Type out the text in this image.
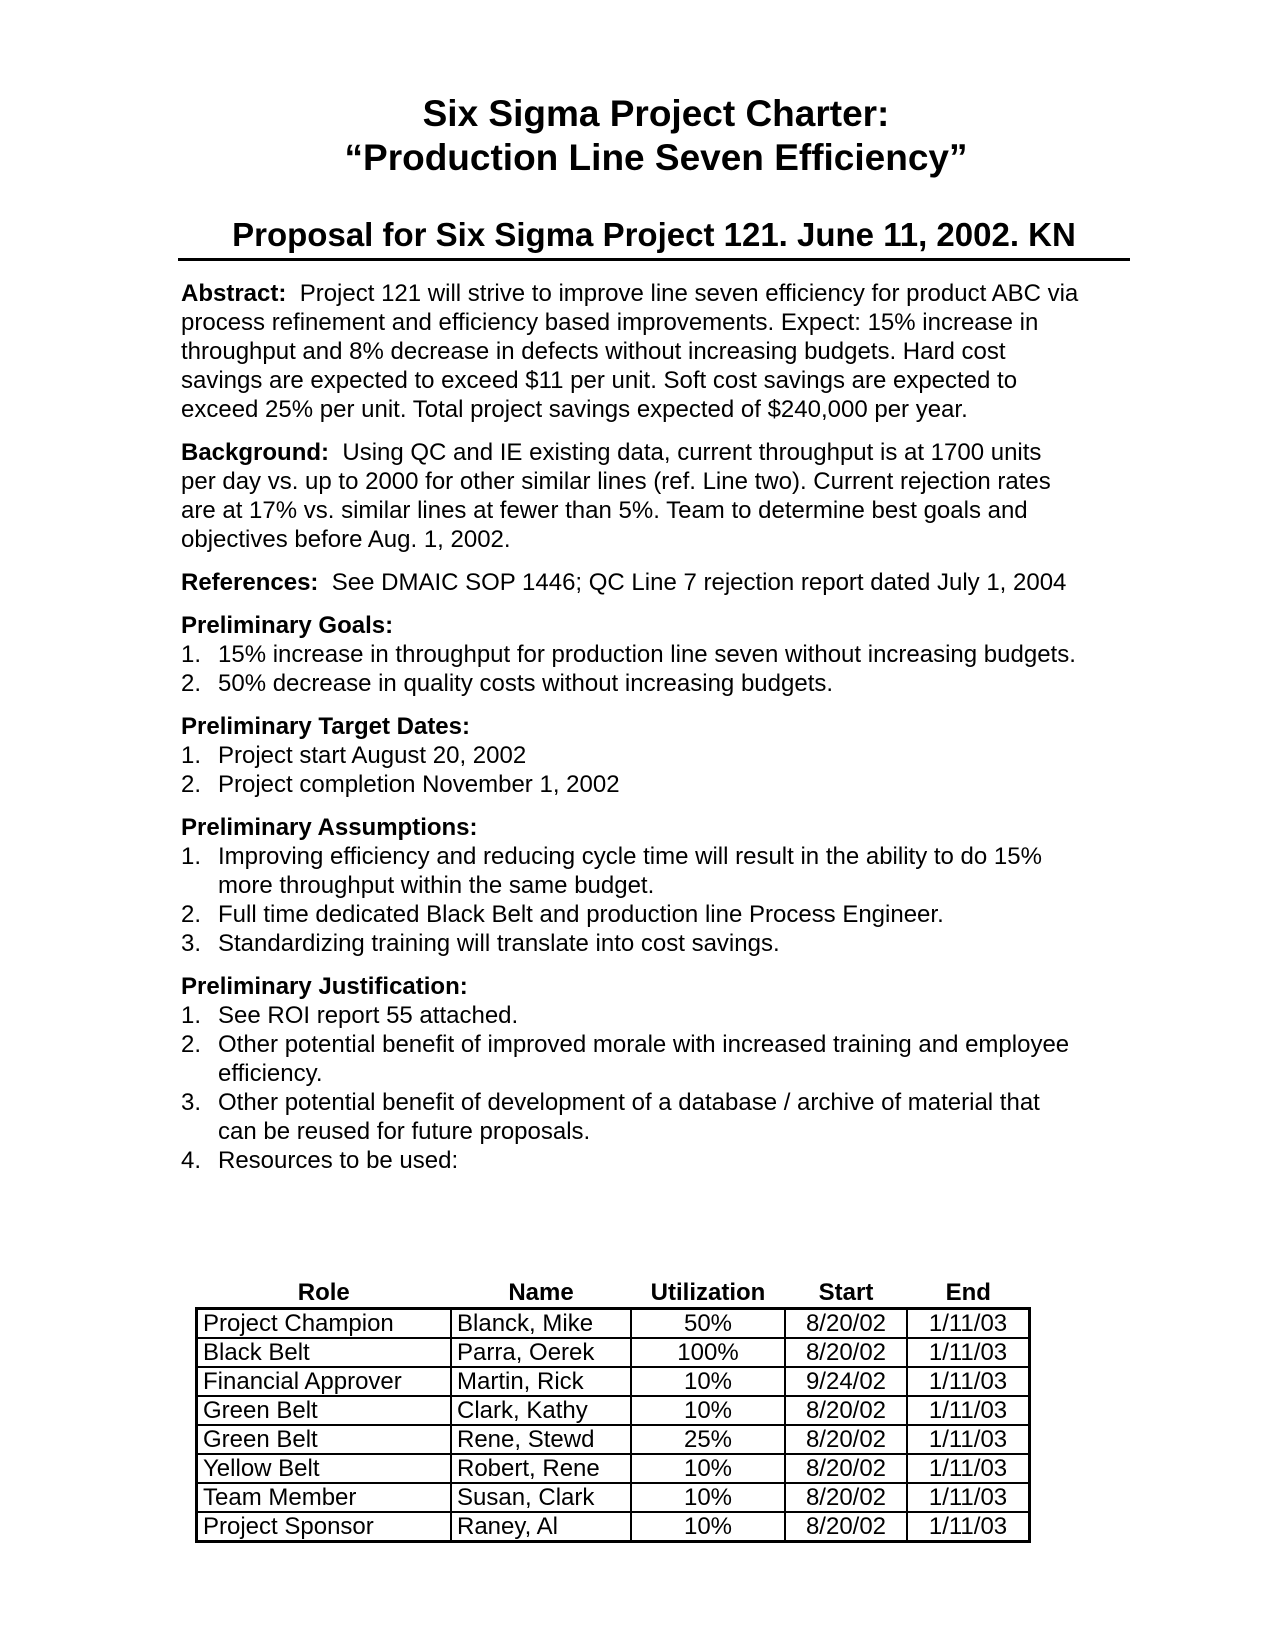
Six Sigma Project Charter:
“Production Line Seven Efficiency”
Proposal for Six Sigma Project 121. June 11, 2002. KN

Abstract: Project 121 will strive to improve line seven efficiency for product ABC via process refinement and efficiency based improvements. Expect: 15% increase in throughput and 8% decrease in defects without increasing budgets. Hard cost savings are expected to exceed $11 per unit. Soft cost savings are expected to exceed 25% per unit. Total project savings expected of $240,000 per year.

Background: Using QC and IE existing data, current throughput is at 1700 units per day vs. up to 2000 for other similar lines (ref. Line two). Current rejection rates are at 17% vs. similar lines at fewer than 5%. Team to determine best goals and objectives before Aug. 1, 2002.

References: See DMAIC SOP 1446; QC Line 7 rejection report dated July 1, 2004

Preliminary Goals:

1. 15% increase in throughput for production line seven without increasing budgets.
2. 50% decrease in quality costs without increasing budgets.

Preliminary Target Dates:

1. Project start August 20, 2002
2. Project completion November 1, 2002

Preliminary Assumptions:

1. Improving efficiency and reducing cycle time will result in the ability to do 15% more throughput within the same budget.
2. Full time dedicated Black Belt and production line Process Engineer.
3. Standardizing training will translate into cost savings.

Preliminary Justification:

1. See ROI report 55 attached.
2. Other potential benefit of improved morale with increased training and employee efficiency.
3. Other potential benefit of development of a database / archive of material that can be reused for future proposals.
4. Resources to be used:
Role	Name	Utilization	Start	End
Project Champion	Blanck, Mike	50%	8/20/02	1/11/03
Black Belt	Parra, Oerek	100%	8/20/02	1/11/03
Financial Approver	Martin, Rick	10%	9/24/02	1/11/03
Green Belt	Clark, Kathy	10%	8/20/02	1/11/03
Green Belt	Rene, Stewd	25%	8/20/02	1/11/03
Yellow Belt	Robert, Rene	10%	8/20/02	1/11/03
Team Member	Susan, Clark	10%	8/20/02	1/11/03
Project Sponsor	Raney, Al	10%	8/20/02	1/11/03
